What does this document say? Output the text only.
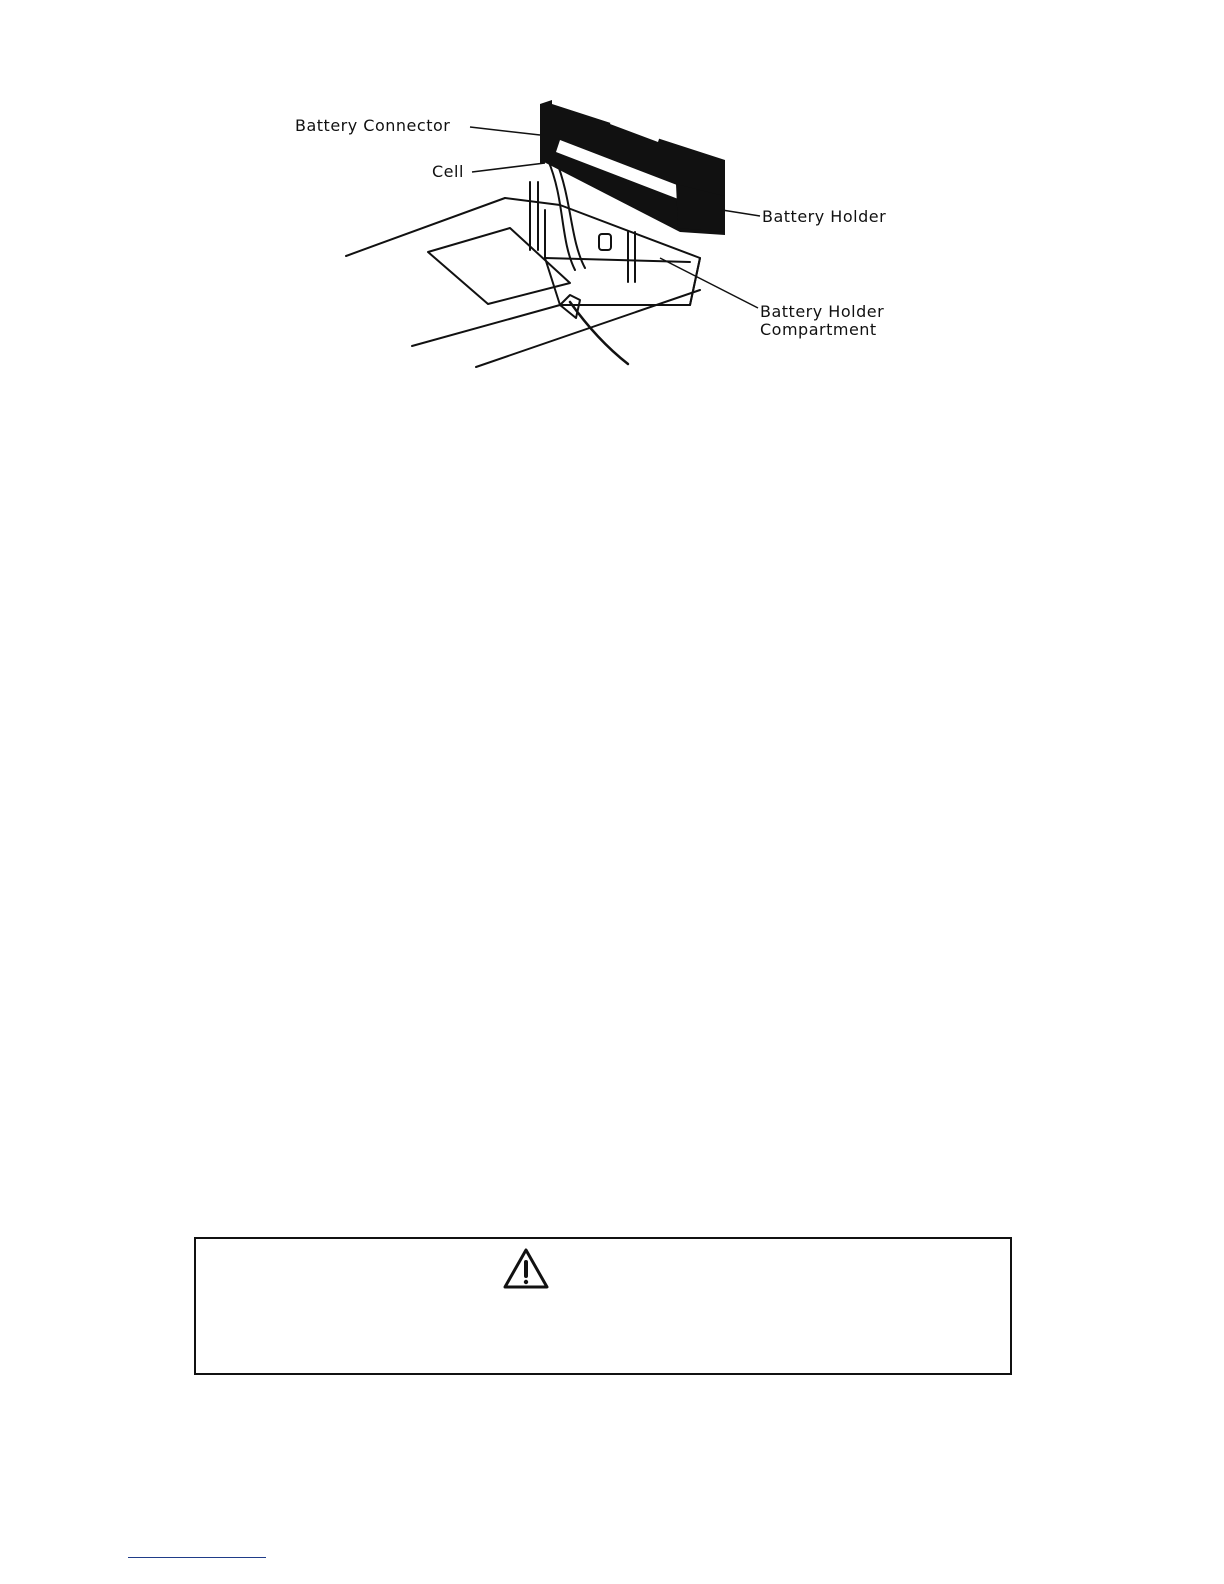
Battery Connector
Cell
Battery Holder
Battery Holder
Compartment
